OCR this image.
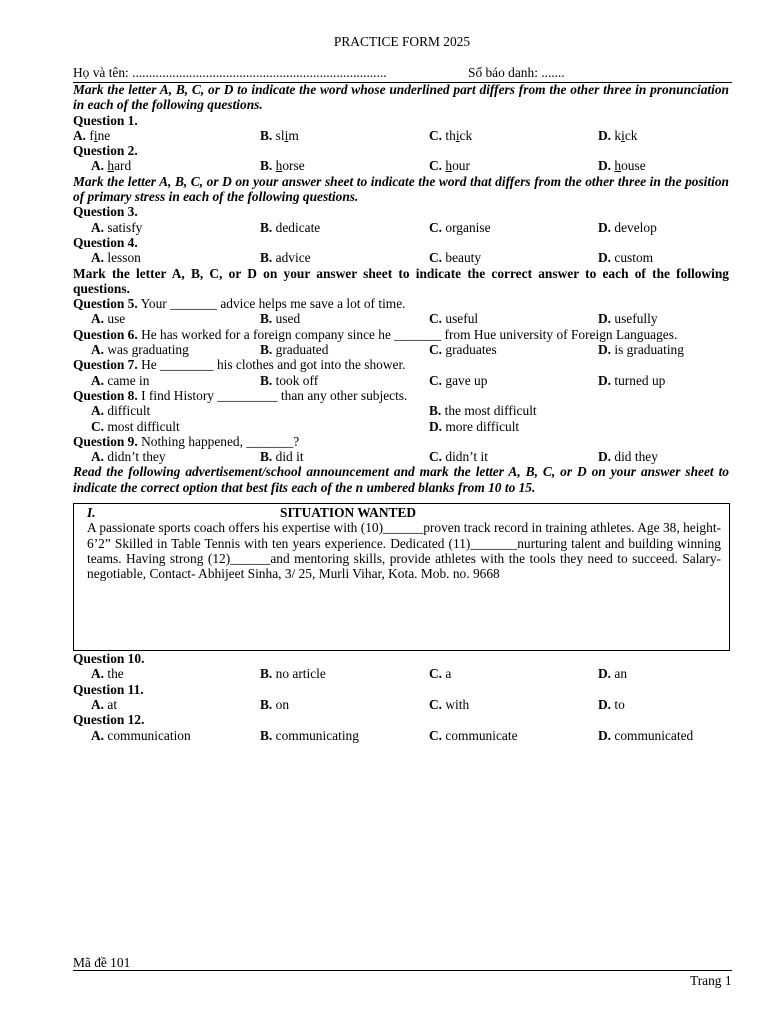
PRACTICE FORM 2025
Họ và tên: ............................................................................	Số báo danh: .......
Mark the letter A, B, C, or D to indicate the word whose underlined part differs from the other three in pronunciation in each of the following questions.
Question 1.
A. fine	B. slim	C. thick	D. kick
Question 2.
A. hard	B. horse	C. hour	D. house
Mark the letter A, B, C, or D on your answer sheet to indicate the word that differs from the other three in the position of primary stress in each of the following questions.
Question 3.
A. satisfy	B. dedicate	C. organise	D. develop
Question 4.
A. lesson	B. advice	C. beauty	D. custom
Mark the letter A, B, C, or D on your answer sheet to indicate the correct answer to each of the following questions.
Question 5. Your _______ advice helps me save a lot of time.
A. use	B. used	C. useful	D. usefully
Question 6. He has worked for a foreign company since he _______ from Hue university of Foreign Languages.
A. was graduating	B. graduated	C. graduates	D. is graduating
Question 7. He ________ his clothes and got into the shower.
A. came in	B. took off	C. gave up	D. turned up
Question 8. I find History _________ than any other subjects.
A. difficult	B. the most difficult
C. most difficult	D. more difficult
Question 9. Nothing happened, _______?
A. didn’t they	B. did it	C. didn’t it	D. did they
Read the following advertisement/school announcement and mark the letter A, B, C, or D on your answer sheet to indicate the correct option that best fits each of the n umbered blanks from 10 to 15.
I.	SITUATION WANTED
A passionate sports coach offers his expertise with (10)______proven track record in training athletes. Age 38, height- 6’2” Skilled in Table Tennis with ten years experience. Dedicated (11)_______nurturing talent and building winning teams. Having strong (12)______and mentoring skills, provide athletes with the tools they need to succeed. Salary- negotiable, Contact- Abhijeet Sinha, 3/ 25, Murli Vihar, Kota. Mob. no. 9668
Question 10.
A. the	B. no article	C. a	D. an
Question 11.
A. at	B. on	C. with	D. to
Question 12.
A. communication	B. communicating	C. communicate	D. communicated
Mã đề 101
Trang 1
